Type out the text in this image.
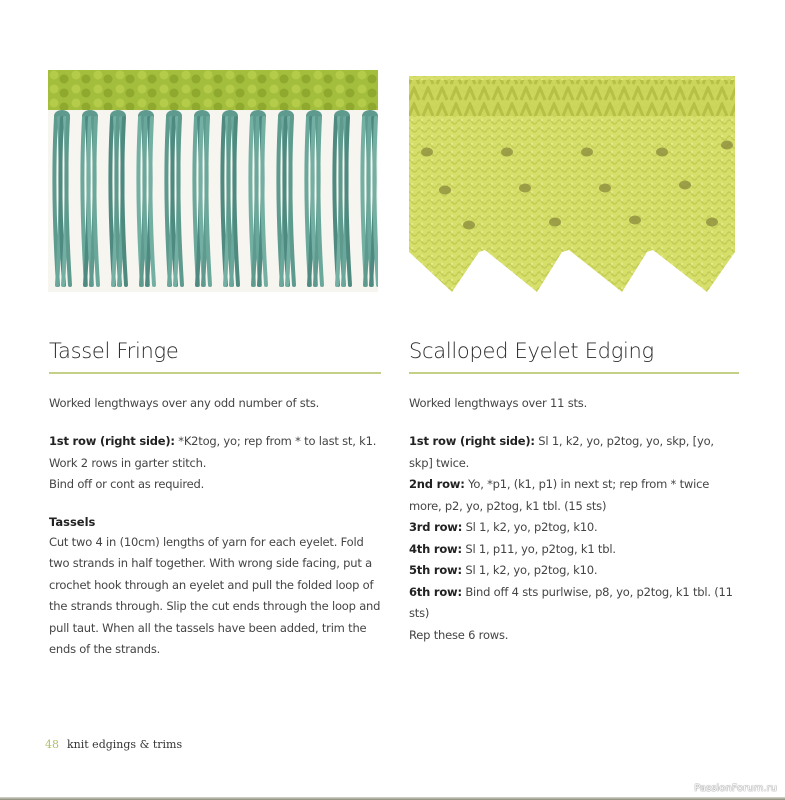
Tassel Fringe
Worked lengthways over any odd number of sts.
1st row (right side): *K2tog, yo; rep from * to last st, k1.
Work 2 rows in garter stitch.
Bind off or cont as required.
Tassels
Cut two 4 in (10cm) lengths of yarn for each eyelet. Fold two strands in half together. With wrong side facing, put a crochet hook through an eyelet and pull the folded loop of the strands through. Slip the cut ends through the loop and pull taut. When all the tassels have been added, trim the ends of the strands.
Scalloped Eyelet Edging
Worked lengthways over 11 sts.
1st row (right side): Sl 1, k2, yo, p2tog, yo, skp, [yo, skp] twice.
2nd row: Yo, *p1, (k1, p1) in next st; rep from * twice more, p2, yo, p2tog, k1 tbl. (15 sts)
3rd row: Sl 1, k2, yo, p2tog, k10.
4th row: Sl 1, p11, yo, p2tog, k1 tbl.
5th row: Sl 1, k2, yo, p2tog, k10.
6th row: Bind off 4 sts purlwise, p8, yo, p2tog, k1 tbl. (11 sts)
Rep these 6 rows.
48 knit edgings & trims
PassionForum.ru
